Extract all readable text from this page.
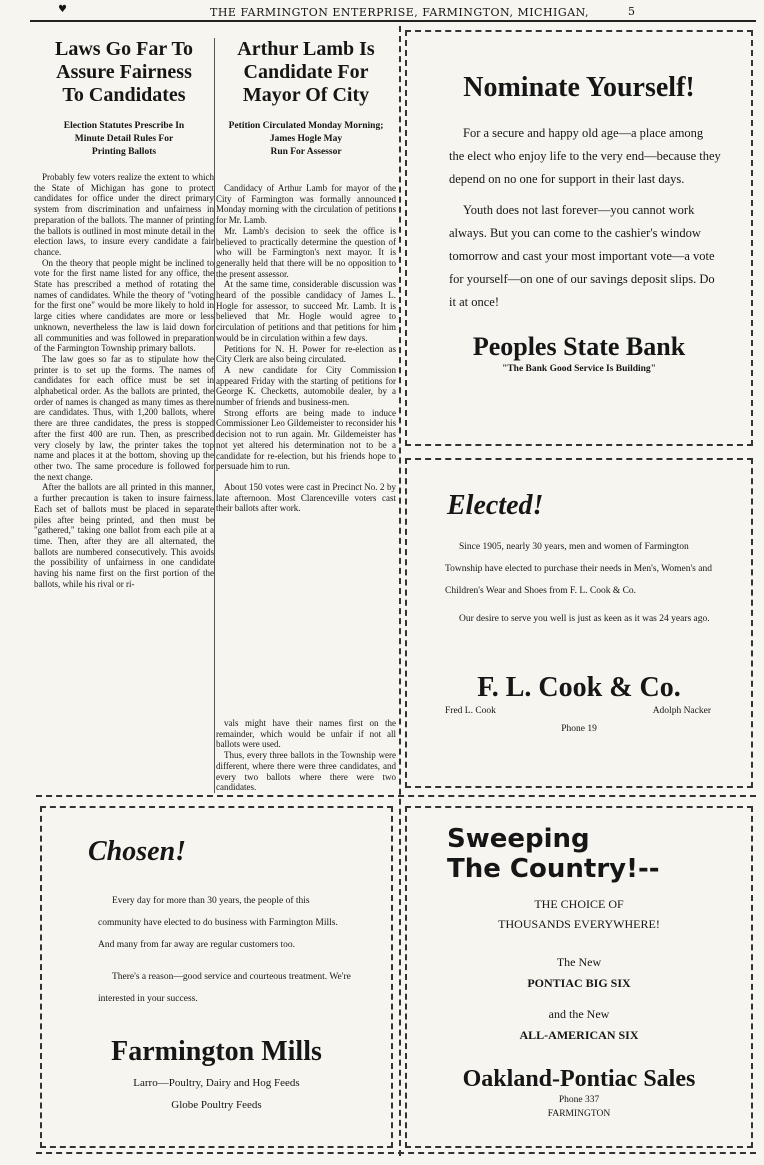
♥	THE FARMINGTON ENTERPRISE, FARMINGTON, MICHIGAN,	5
Laws Go Far To
Assure Fairness
To Candidates
Election Statutes Prescribe In
Minute Detail Rules For
Printing Ballots

Probably few voters realize the extent to which the State of Michigan has gone to protect candidates for office under the direct primary system from discrimination and unfairness in preparation of the ballots. The manner of printing the ballots is outlined in most minute detail in the election laws, to insure every candidate a fair chance.

On the theory that people might be inclined to vote for the first name listed for any office, the State has prescribed a method of rotating the names of candidates. While the theory of "voting for the first one" would be more likely to hold in large cities where candidates are more or less unknown, nevertheless the law is laid down for all communities and was followed in preparation of the Farmington Township primary ballots.

The law goes so far as to stipulate how the printer is to set up the forms. The names of candidates for each office must be set in alphabetical order. As the ballots are printed, the order of names is changed as many times as there are candidates. Thus, with 1,200 ballots, where there are three candidates, the press is stopped after the first 400 are run. Then, as prescribed very closely by law, the printer takes the top name and places it at the bottom, shoving up the other two. The same procedure is followed for the next change.

After the ballots are all printed in this manner, a further precaution is taken to insure fairness. Each set of ballots must be placed in separate piles after being printed, and then must be "gathered," taking one ballot from each pile at a time. Then, after they are all alternated, the ballots are numbered consecutively. This avoids the possibility of unfairness in one candidate having his name first on the first portion of the ballots, while his rival or ri-

Arthur Lamb Is
Candidate For
Mayor Of City
Petition Circulated Monday Morning; James Hogle May
Run For Assessor

Candidacy of Arthur Lamb for mayor of the City of Farmington was formally announced Monday morning with the circulation of petitions for Mr. Lamb.

Mr. Lamb's decision to seek the office is believed to practically determine the question of who will be Farmington's next mayor. It is generally held that there will be no opposition to the present assessor.

At the same time, considerable discussion was heard of the possible candidacy of James L. Hogle for assessor, to succeed Mr. Lamb. It is believed that Mr. Hogle would agree to circulation of petitions and that petitions for him would be in circulation within a few days.

Petitions for N. H. Power for re-election as City Clerk are also being circulated.

A new candidate for City Commission appeared Friday with the starting of petitions for George K. Checketts, automobile dealer, by a number of friends and business-men.

Strong efforts are being made to induce Commissioner Leo Gildemeister to reconsider his decision not to run again. Mr. Gildemeister has not yet altered his determination not to be a candidate for re-election, but his friends hope to persuade him to run.

About 150 votes were cast in Precinct No. 2 by late afternoon. Most Clarenceville voters cast their ballots after work.

vals might have their names first on the remainder, which would be unfair if not all ballots were used.

Thus, every three ballots in the Township were different, where there were three candidates, and every two ballots where there were two candidates.

Nominate Yourself!
For a secure and happy old age—a place among the elect who enjoy life to the very end—because they depend on no one for support in their last days.
Youth does not last forever—you cannot work always. But you can come to the cashier's window tomorrow and cast your most important vote—a vote for yourself—on one of our savings deposit slips. Do it at once!
Peoples State Bank
"The Bank Good Service Is Building"
Elected!
Since 1905, nearly 30 years, men and women of Farmington Township have elected to purchase their needs in Men's, Women's and Children's Wear and Shoes from F. L. Cook & Co.
Our desire to serve you well is just as keen as it was 24 years ago.
F. L. Cook & Co.
Fred L. Cook	Adolph Nacker
Phone 19
Chosen!
Every day for more than 30 years, the people of this community have elected to do business with Farmington Mills. And many from far away are regular customers too.
There's a reason—good service and courteous treatment. We're interested in your success.
Farmington Mills
Larro—Poultry, Dairy and Hog Feeds
Globe Poultry Feeds
Sweeping
The Country!--
THE CHOICE OF
THOUSANDS EVERYWHERE!
The New
PONTIAC BIG SIX
and the New
ALL-AMERICAN SIX
Oakland-Pontiac Sales
Phone 337
FARMINGTON
